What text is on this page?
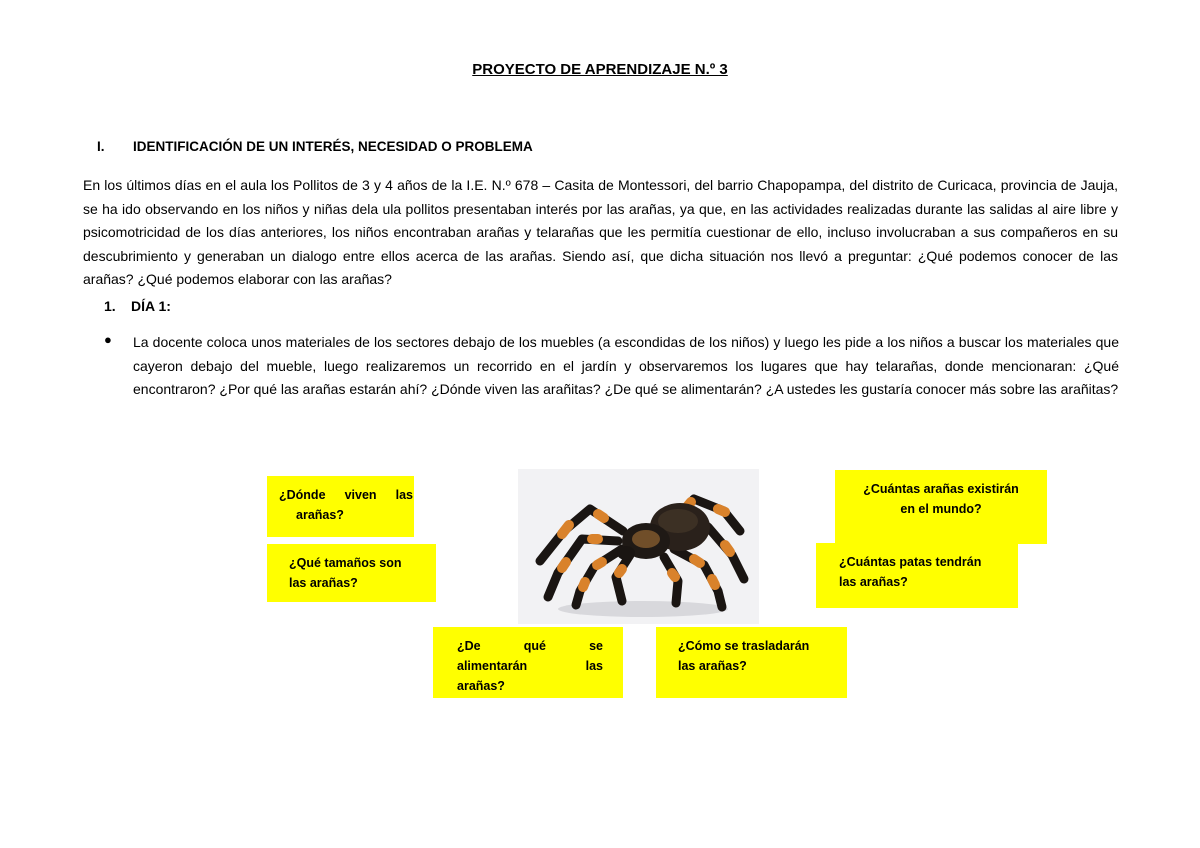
PROYECTO DE APRENDIZAJE N.º 3
I. IDENTIFICACIÓN DE UN INTERÉS, NECESIDAD O PROBLEMA
En los últimos días en el aula los Pollitos de 3 y 4 años de la I.E. N.º 678 – Casita de Montessori, del barrio Chapopampa, del distrito de Curicaca, provincia de Jauja, se ha ido observando en los niños y niñas dela ula pollitos presentaban interés por las arañas, ya que, en las actividades realizadas durante las salidas al aire libre y psicomotricidad de los días anteriores, los niños encontraban arañas y telarañas que les permitía cuestionar de ello, incluso involucraban a sus compañeros en su descubrimiento y generaban un dialogo entre ellos acerca de las arañas. Siendo así, que dicha situación nos llevó a preguntar: ¿Qué podemos conocer de las arañas? ¿Qué podemos elaborar con las arañas?
1. DÍA 1:
● La docente coloca unos materiales de los sectores debajo de los muebles (a escondidas de los niños) y luego les pide a los niños a buscar los materiales que cayeron debajo del mueble, luego realizaremos un recorrido en el jardín y observaremos los lugares que hay telarañas, donde mencionaran: ¿Qué encontraron? ¿Por qué las arañas estarán ahí? ¿Dónde viven las arañitas? ¿De qué se alimentarán? ¿A ustedes les gustaría conocer más sobre las arañitas?
¿Dónde viven las
arañas?
¿Qué tamaños son
las arañas?
¿De qué se
alimentarán las
arañas?
¿Cómo se trasladarán
las arañas?
¿Cuántas arañas existirán
en el mundo?
¿Cuántas patas tendrán
las arañas?
